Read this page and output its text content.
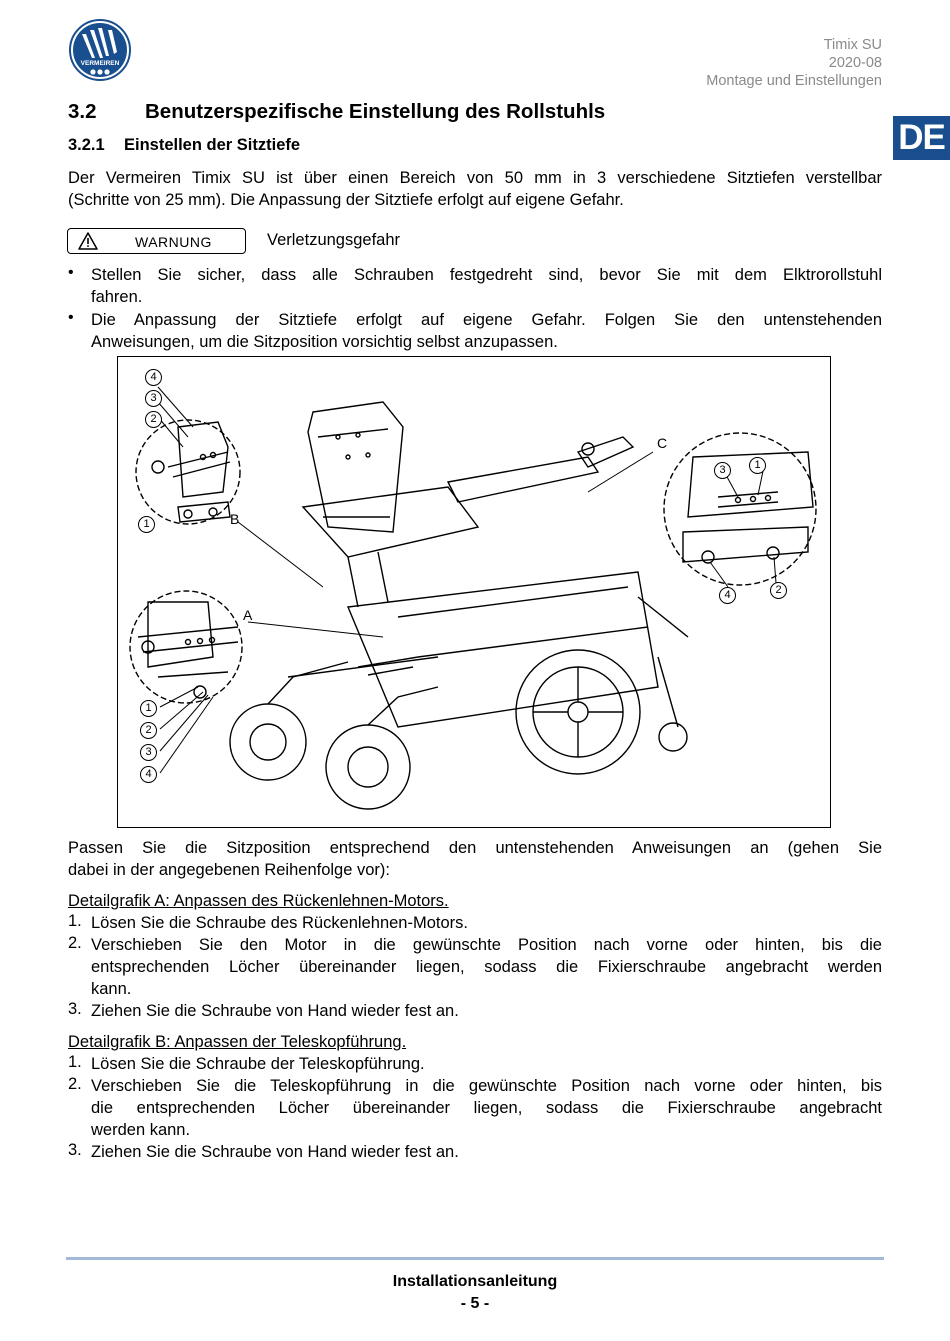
VERMEIREN
Timix SU
2020-08
Montage und Einstellungen
DE
3.2 Benutzerspezifische Einstellung des Rollstuhls
3.2.1 Einstellen der Sitztiefe
Der Vermeiren Timix SU ist über einen Bereich von 50 mm in 3 verschiedene Sitztiefen verstellbar
(Schritte von 25 mm). Die Anpassung der Sitztiefe erfolgt auf eigene Gefahr.
WARNUNG	Verletzungsgefahr
• Stellen Sie sicher, dass alle Schrauben festgedreht sind, bevor Sie mit dem Elktrorollstuhl
fahren.
• Die Anpassung der Sitztiefe erfolgt auf eigene Gefahr. Folgen Sie den untenstehenden
Anweisungen, um die Sitzposition vorsichtig selbst anzupassen.
B
A
C
4
3
2
1
1
2
3
4
3	1
4	2
Passen Sie die Sitzposition entsprechend den untenstehenden Anweisungen an (gehen Sie
dabei in der angegebenen Reihenfolge vor):
Detailgrafik A: Anpassen des Rückenlehnen-Motors.
1. Lösen Sie die Schraube des Rückenlehnen-Motors.
2. Verschieben Sie den Motor in die gewünschte Position nach vorne oder hinten, bis die
entsprechenden Löcher übereinander liegen, sodass die Fixierschraube angebracht werden
kann.
3. Ziehen Sie die Schraube von Hand wieder fest an.
Detailgrafik B: Anpassen der Teleskopführung.
1. Lösen Sie die Schraube der Teleskopführung.
2. Verschieben Sie die Teleskopführung in die gewünschte Position nach vorne oder hinten, bis
die entsprechenden Löcher übereinander liegen, sodass die Fixierschraube angebracht
werden kann.
3. Ziehen Sie die Schraube von Hand wieder fest an.
Installationsanleitung
- 5 -
